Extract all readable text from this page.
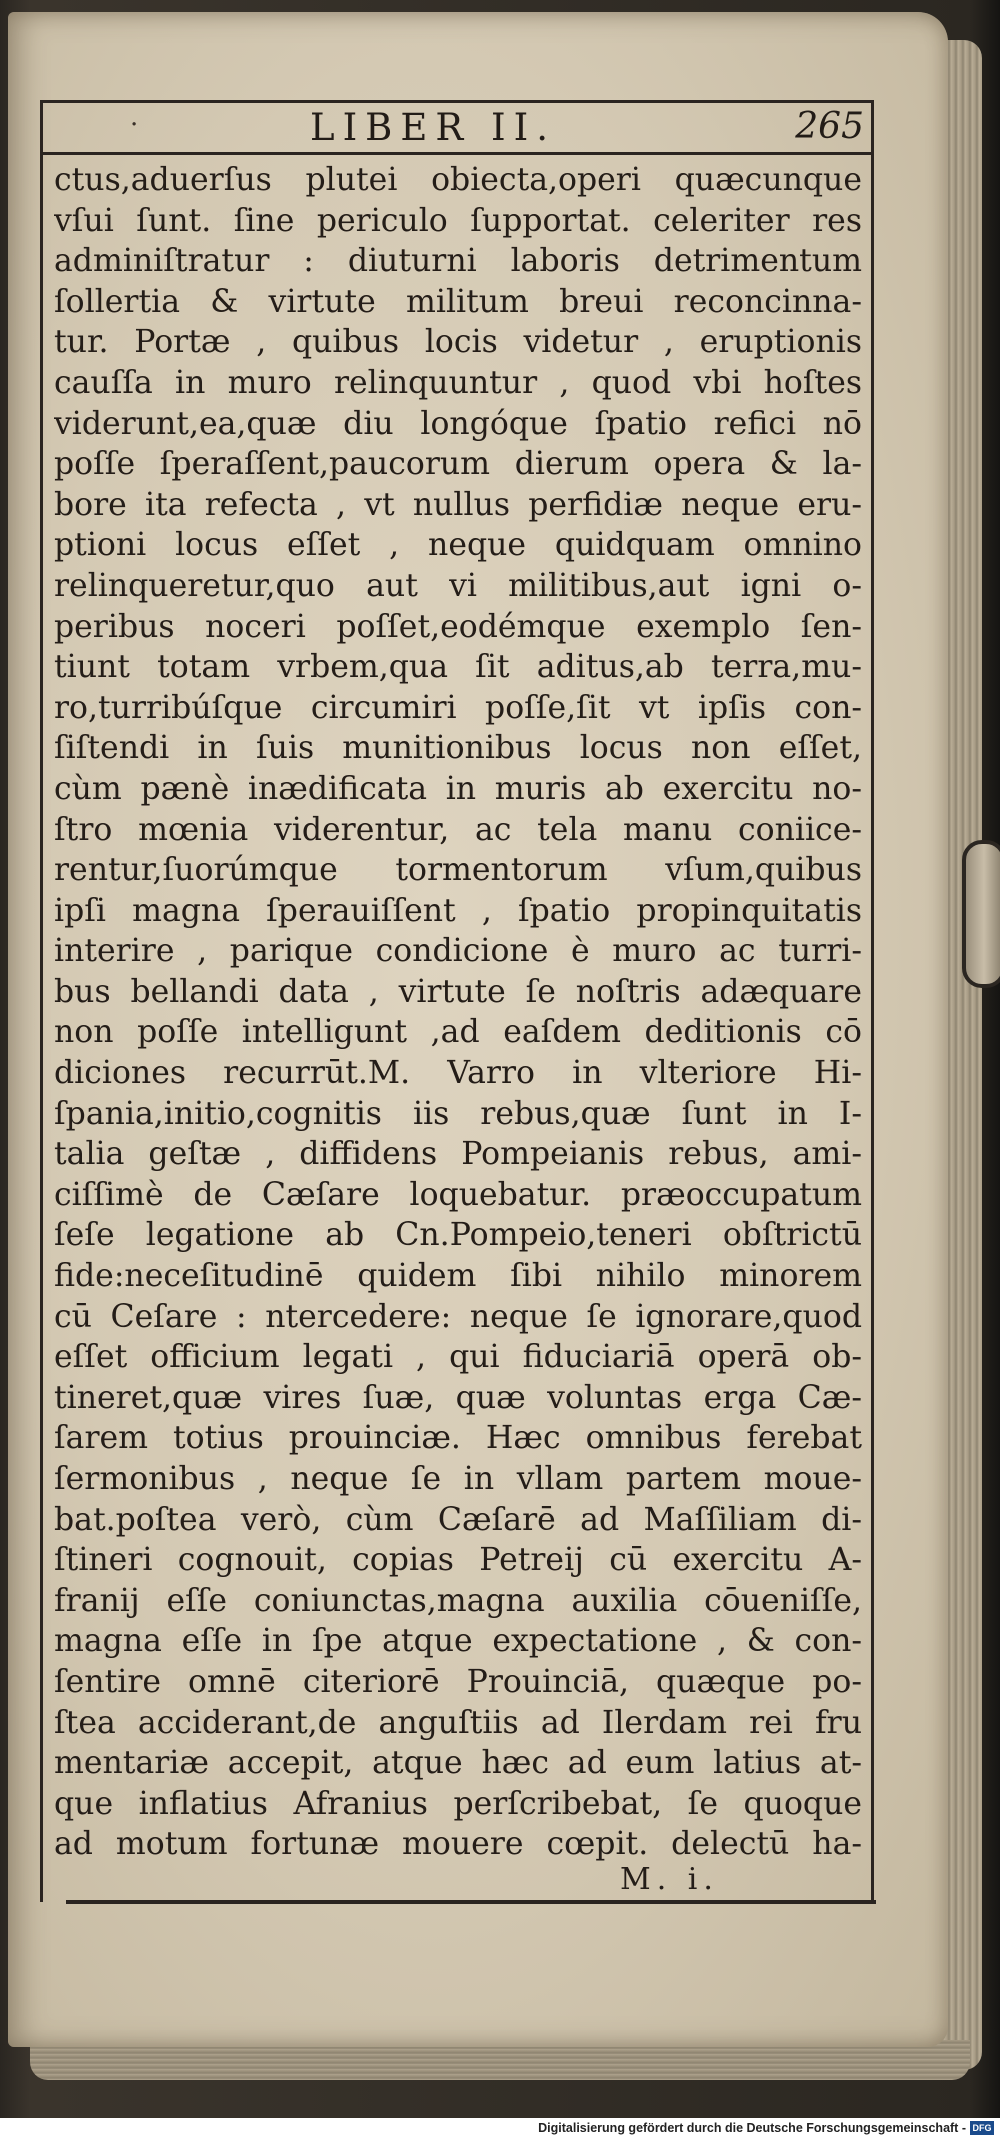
·	LIBER II.	265
ctus,aduerſus plutei obiecta,operi quæcunque
vſui ſunt. ſine periculo ſupportat. celeriter res
adminiſtratur : diuturni laboris detrimentum
ſollertia & virtute militum breui reconcinna-
tur. Portæ , quibus locis videtur , eruptionis
cauſſa in muro relinquuntur , quod vbi hoſtes
viderunt,ea,quæ diu longóque ſpatio refici nō
poſſe ſperaſſent,paucorum dierum opera & la-
bore ita refecta , vt nullus perfidiæ neque eru-
ptioni locus eſſet , neque quidquam omnino
relinqueretur,quo aut vi militibus,aut igni o-
peribus noceri poſſet,eodémque exemplo ſen-
tiunt totam vrbem,qua ſit aditus,ab terra,mu-
ro,turribúſque circumiri poſſe,ſit vt ipſis con-
ſiſtendi in ſuis munitionibus locus non eſſet,
cùm pænè inædificata in muris ab exercitu no-
ſtro mœnia viderentur, ac tela manu coniice-
rentur,ſuorúmque tormentorum vſum,quibus
ipſi magna ſperauiſſent , ſpatio propinquitatis
interire , parique condicione è muro ac turri-
bus bellandi data , virtute ſe noſtris adæquare
non poſſe intelligunt ,ad eaſdem deditionis cō
diciones recurrūt.M. Varro in vlteriore Hi-
ſpania,initio,cognitis iis rebus,quæ ſunt in I-
talia geſtæ , diffidens Pompeianis rebus, ami-
ciſſimè de Cæſare loquebatur. præoccupatum
ſeſe legatione ab Cn.Pompeio,teneri obſtrictū
fide:neceſitudinē quidem ſibi nihilo minorem
cū Ceſare : ntercedere: neque ſe ignorare,quod
eſſet officium legati , qui fiduciariā operā ob-
tineret,quæ vires ſuæ, quæ voluntas erga Cæ-
ſarem totius prouinciæ. Hæc omnibus ferebat
ſermonibus , neque ſe in vllam partem moue-
bat.poſtea verò, cùm Cæſarē ad Maſſiliam di-
ſtineri cognouit, copias Petreij cū exercitu A-
franij eſſe coniunctas,magna auxilia cōueniſſe,
magna eſſe in ſpe atque expectatione , & con-
ſentire omnē citeriorē Prouinciā, quæque po-
ſtea acciderant,de anguſtiis ad Ilerdam rei fru
mentariæ accepit, atque hæc ad eum latius at-
que inflatius Afranius perſcribebat, ſe quoque
ad motum fortunæ mouere cœpit. delectū ha-
M. i.
Digitalisierung gefördert durch die Deutsche Forschungsgemeinschaft - DFG
